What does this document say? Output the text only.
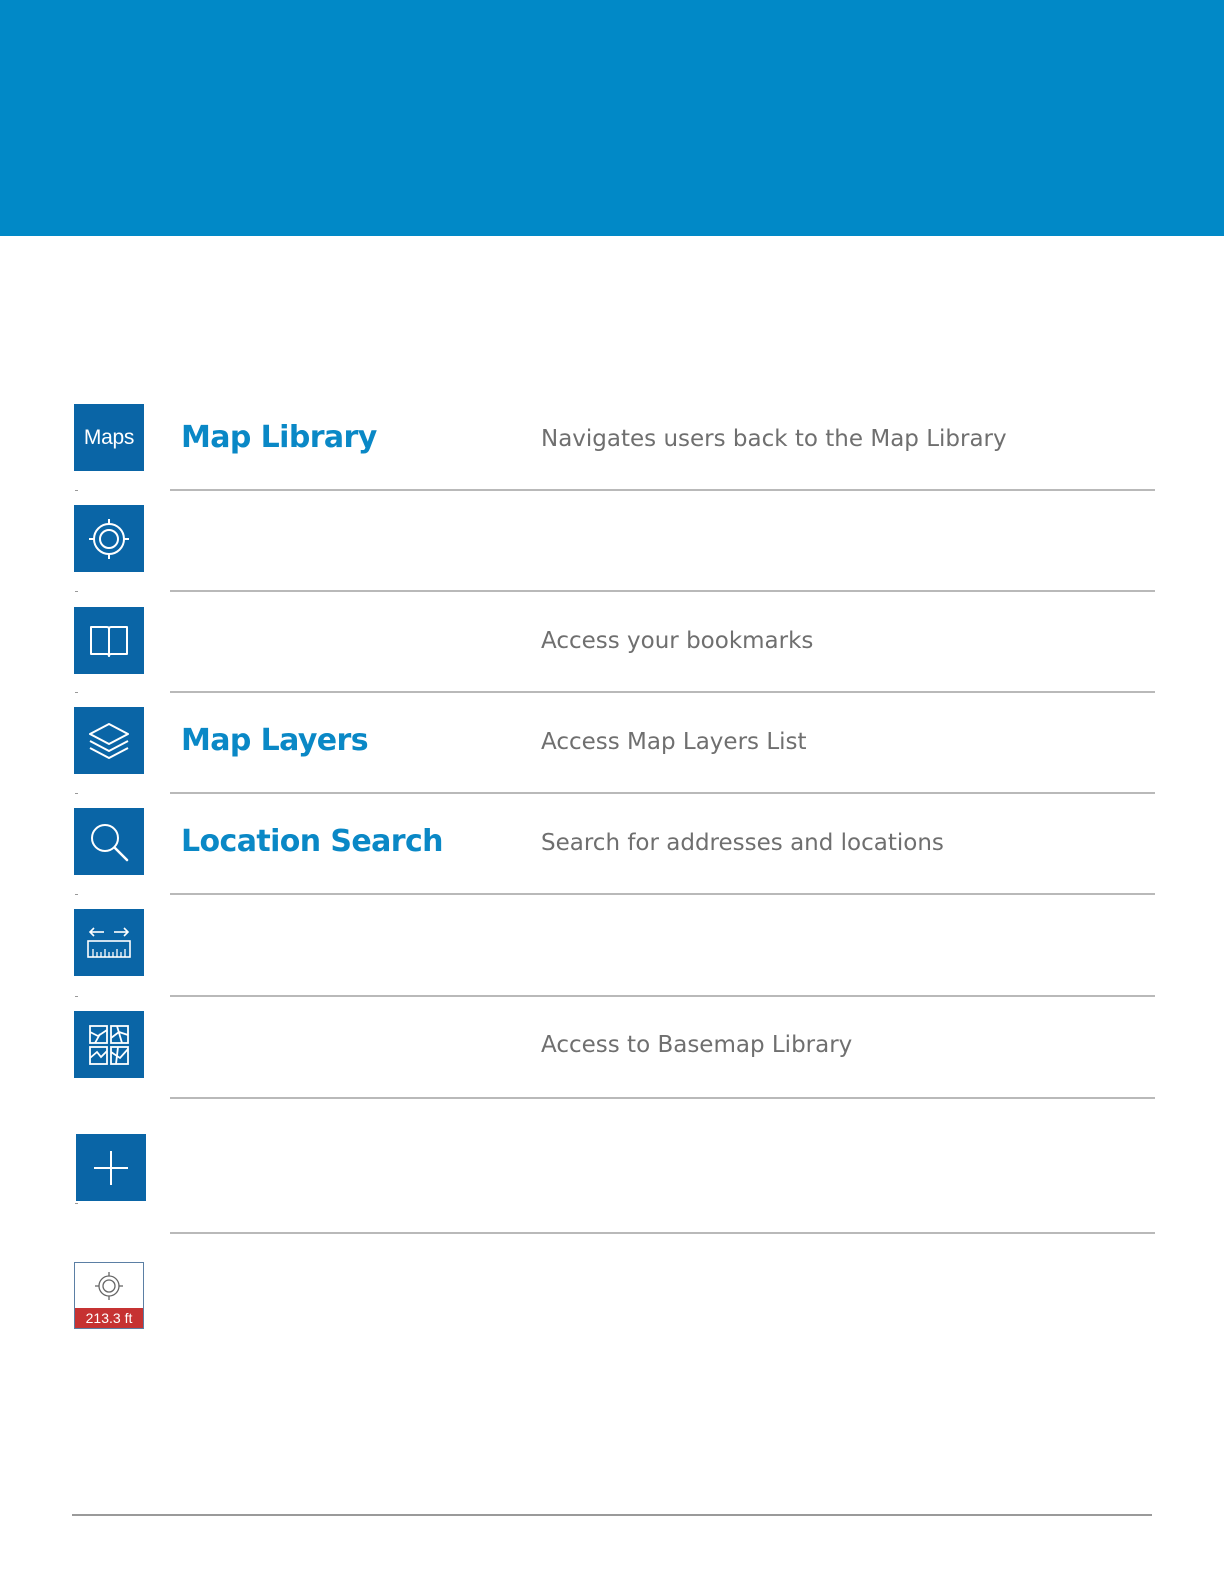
Maps Map Library	Navigates users back to the Map Library
Access your bookmarks
Map Layers	Access Map Layers List
Location Search	Search for addresses and locations
Access to Basemap Library
213.3 ft
